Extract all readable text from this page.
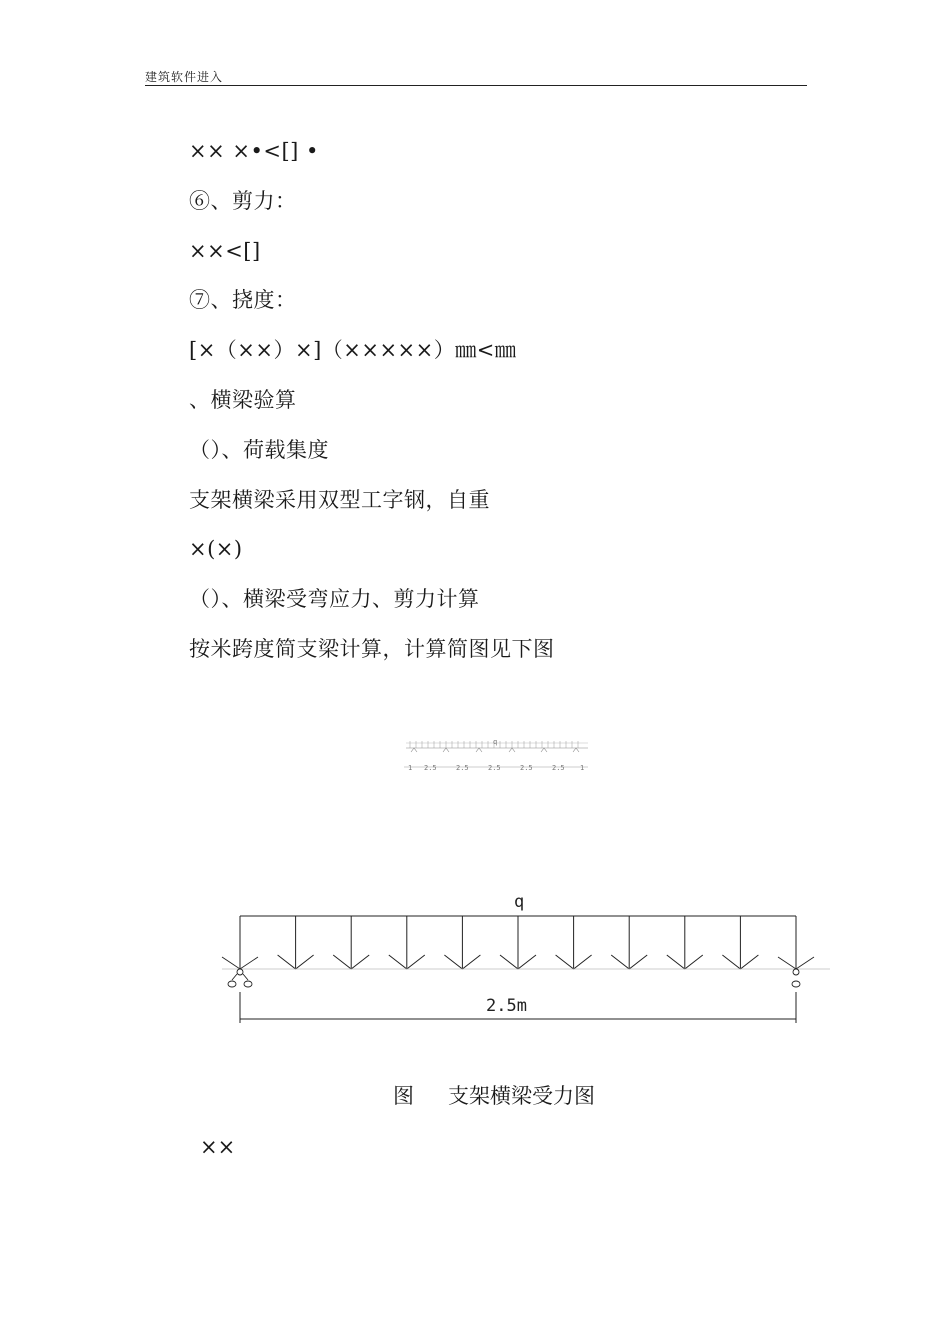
建筑软件进入
×× ×•<[] •
⑥、剪力：
××<[]
⑦、挠度：
[×（××）×]（×××××）㎜<㎜
、横梁验算
（）、荷载集度
支架横梁采用双型工字钢，自重
×(×)
（）、横梁受弯应力、剪力计算
按米跨度简支梁计算，计算简图见下图
q
1 2.5	2.5	2.5	2.5	2.5 1
q
2.5m
图 支架横梁受力图
××
